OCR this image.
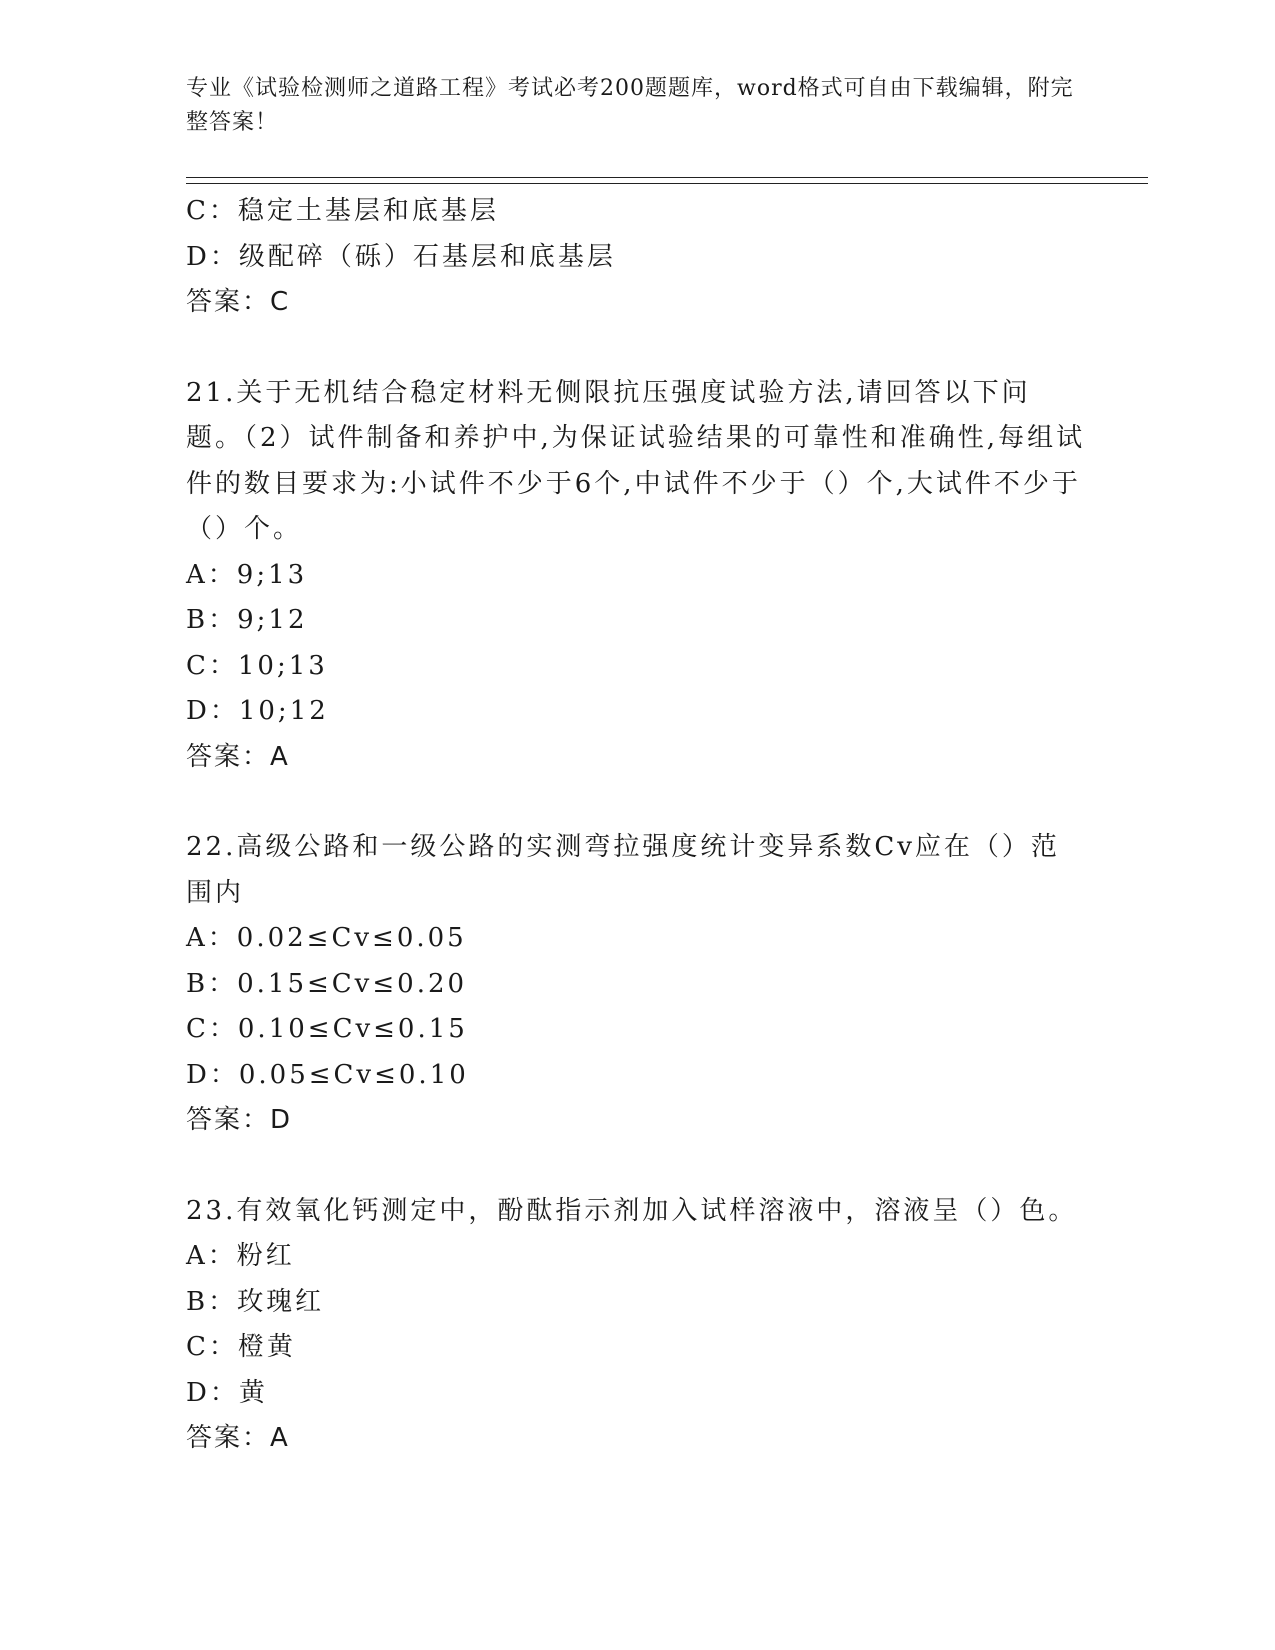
专业《试验检测师之道路工程》考试必考200题题库，word格式可自由下载编辑，附完整答案！
C：稳定土基层和底基层
D：级配碎（砾）石基层和底基层
答案：C
21.关于无机结合稳定材料无侧限抗压强度试验方法,请回答以下问题。（2）试件制备和养护中,为保证试验结果的可靠性和准确性,每组试件的数目要求为:小试件不少于6个,中试件不少于（）个,大试件不少于（）个。
A：9;13
B：9;12
C：10;13
D：10;12
答案：A
22.高级公路和一级公路的实测弯拉强度统计变异系数Cv应在（）范围内
A：0.02≤Cv≤0.05
B：0.15≤Cv≤0.20
C：0.10≤Cv≤0.15
D：0.05≤Cv≤0.10
答案：D
23.有效氧化钙测定中，酚酞指示剂加入试样溶液中，溶液呈（）色。
A：粉红
B：玫瑰红
C：橙黄
D：黄
答案：A
